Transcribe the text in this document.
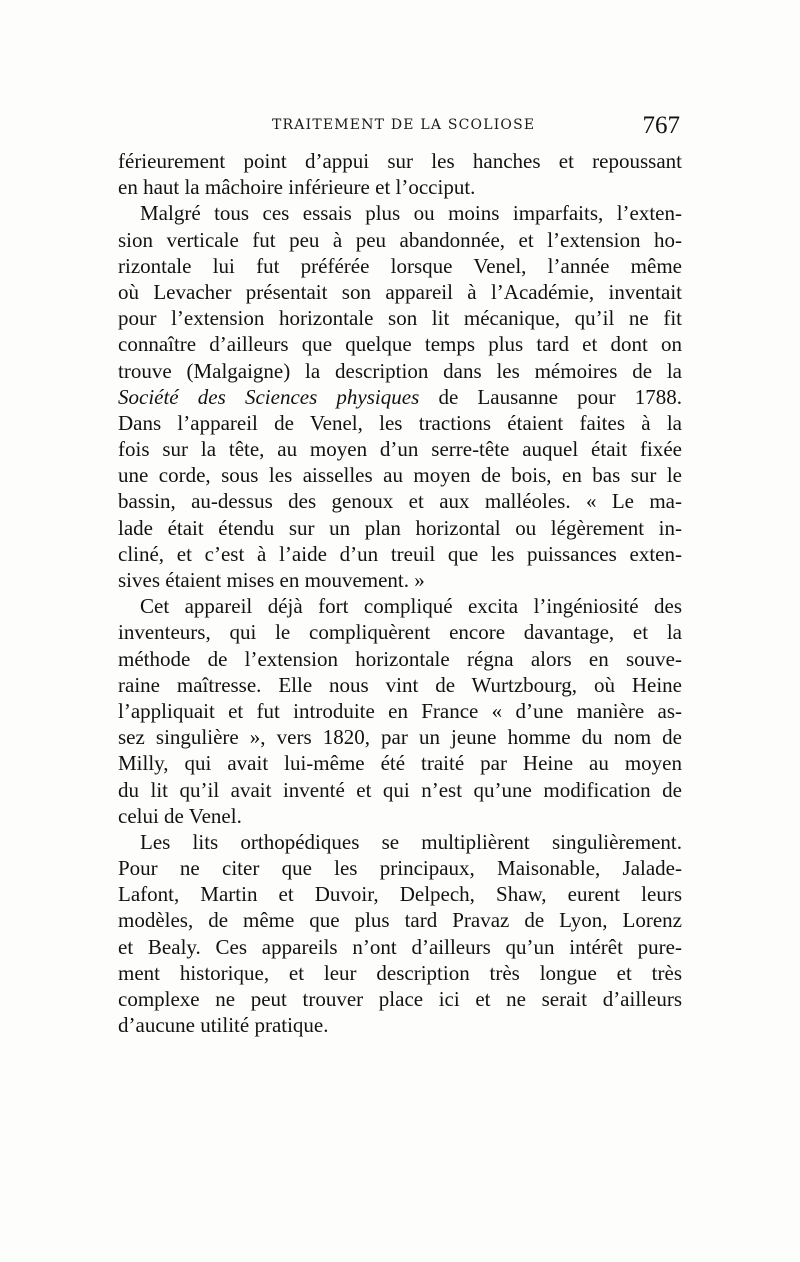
TRAITEMENT DE LA SCOLIOSE	767
férieurement point d’appui sur les hanches et repoussant
en haut la mâchoire inférieure et l’occiput.
Malgré tous ces essais plus ou moins imparfaits, l’exten-
sion verticale fut peu à peu abandonnée, et l’extension ho-
rizontale lui fut préférée lorsque Venel, l’année même
où Levacher présentait son appareil à l’Académie, inventait
pour l’extension horizontale son lit mécanique, qu’il ne fit
connaître d’ailleurs que quelque temps plus tard et dont on
trouve (Malgaigne) la description dans les mémoires de la
Société des Sciences physiques de Lausanne pour 1788.
Dans l’appareil de Venel, les tractions étaient faites à la
fois sur la tête, au moyen d’un serre-tête auquel était fixée
une corde, sous les aisselles au moyen de bois, en bas sur le
bassin, au-dessus des genoux et aux malléoles. « Le ma-
lade était étendu sur un plan horizontal ou légèrement in-
cliné, et c’est à l’aide d’un treuil que les puissances exten-
sives étaient mises en mouvement. »
Cet appareil déjà fort compliqué excita l’ingéniosité des
inventeurs, qui le compliquèrent encore davantage, et la
méthode de l’extension horizontale régna alors en souve-
raine maîtresse. Elle nous vint de Wurtzbourg, où Heine
l’appliquait et fut introduite en France « d’une manière as-
sez singulière », vers 1820, par un jeune homme du nom de
Milly, qui avait lui-même été traité par Heine au moyen
du lit qu’il avait inventé et qui n’est qu’une modification de
celui de Venel.
Les lits orthopédiques se multiplièrent singulièrement.
Pour ne citer que les principaux, Maisonable, Jalade-
Lafont, Martin et Duvoir, Delpech, Shaw, eurent leurs
modèles, de même que plus tard Pravaz de Lyon, Lorenz
et Bealy. Ces appareils n’ont d’ailleurs qu’un intérêt pure-
ment historique, et leur description très longue et très
complexe ne peut trouver place ici et ne serait d’ailleurs
d’aucune utilité pratique.
